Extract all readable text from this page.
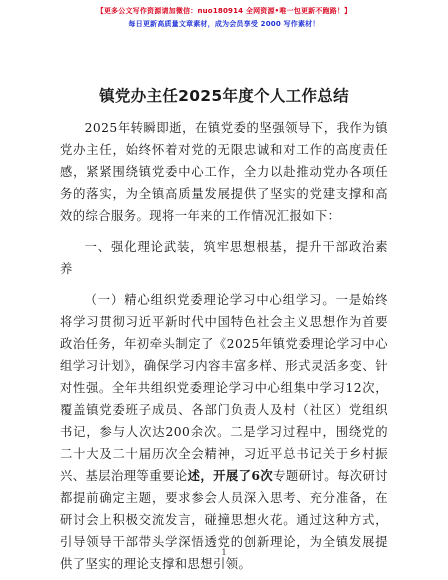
【更多公文写作资源请加微信：nuo180914 全网资源•唯一包更新不跑路！】
每日更新高质量文章素材，成为会员享受 2000 写作素材！
镇党办主任2025年度个人工作总结

2025年转瞬即逝，在镇党委的坚强领导下，我作为镇党办主任，始终怀着对党的无限忠诚和对工作的高度责任感，紧紧围绕镇党委中心工作，全力以赴推动党办各项任务的落实，为全镇高质量发展提供了坚实的党建支撑和高效的综合服务。现将一年来的工作情况汇报如下：

一、强化理论武装，筑牢思想根基，提升干部政治素养

（一）精心组织党委理论学习中心组学习。一是始终将学习贯彻习近平新时代中国特色社会主义思想作为首要政治任务，年初牵头制定了《2025年镇党委理论学习中心组学习计划》，确保学习内容丰富多样、形式灵活多变、针对性强。全年共组织党委理论学习中心组集中学习12次，覆盖镇党委班子成员、各部门负责人及村（社区）党组织书记，参与人次达200余次。二是学习过程中，围绕党的二十大及二十届历次全会精神，习近平总书记关于乡村振兴、基层治理等重要论述，开展了6次专题研讨。每次研讨都提前确定主题，要求参会人员深入思考、充分准备，在研讨会上积极交流发言，碰撞思想火花。通过这种方式，引导领导干部带头学深悟透党的创新理论，为全镇发展提供了坚实的理论支撑和思想引领。

1
